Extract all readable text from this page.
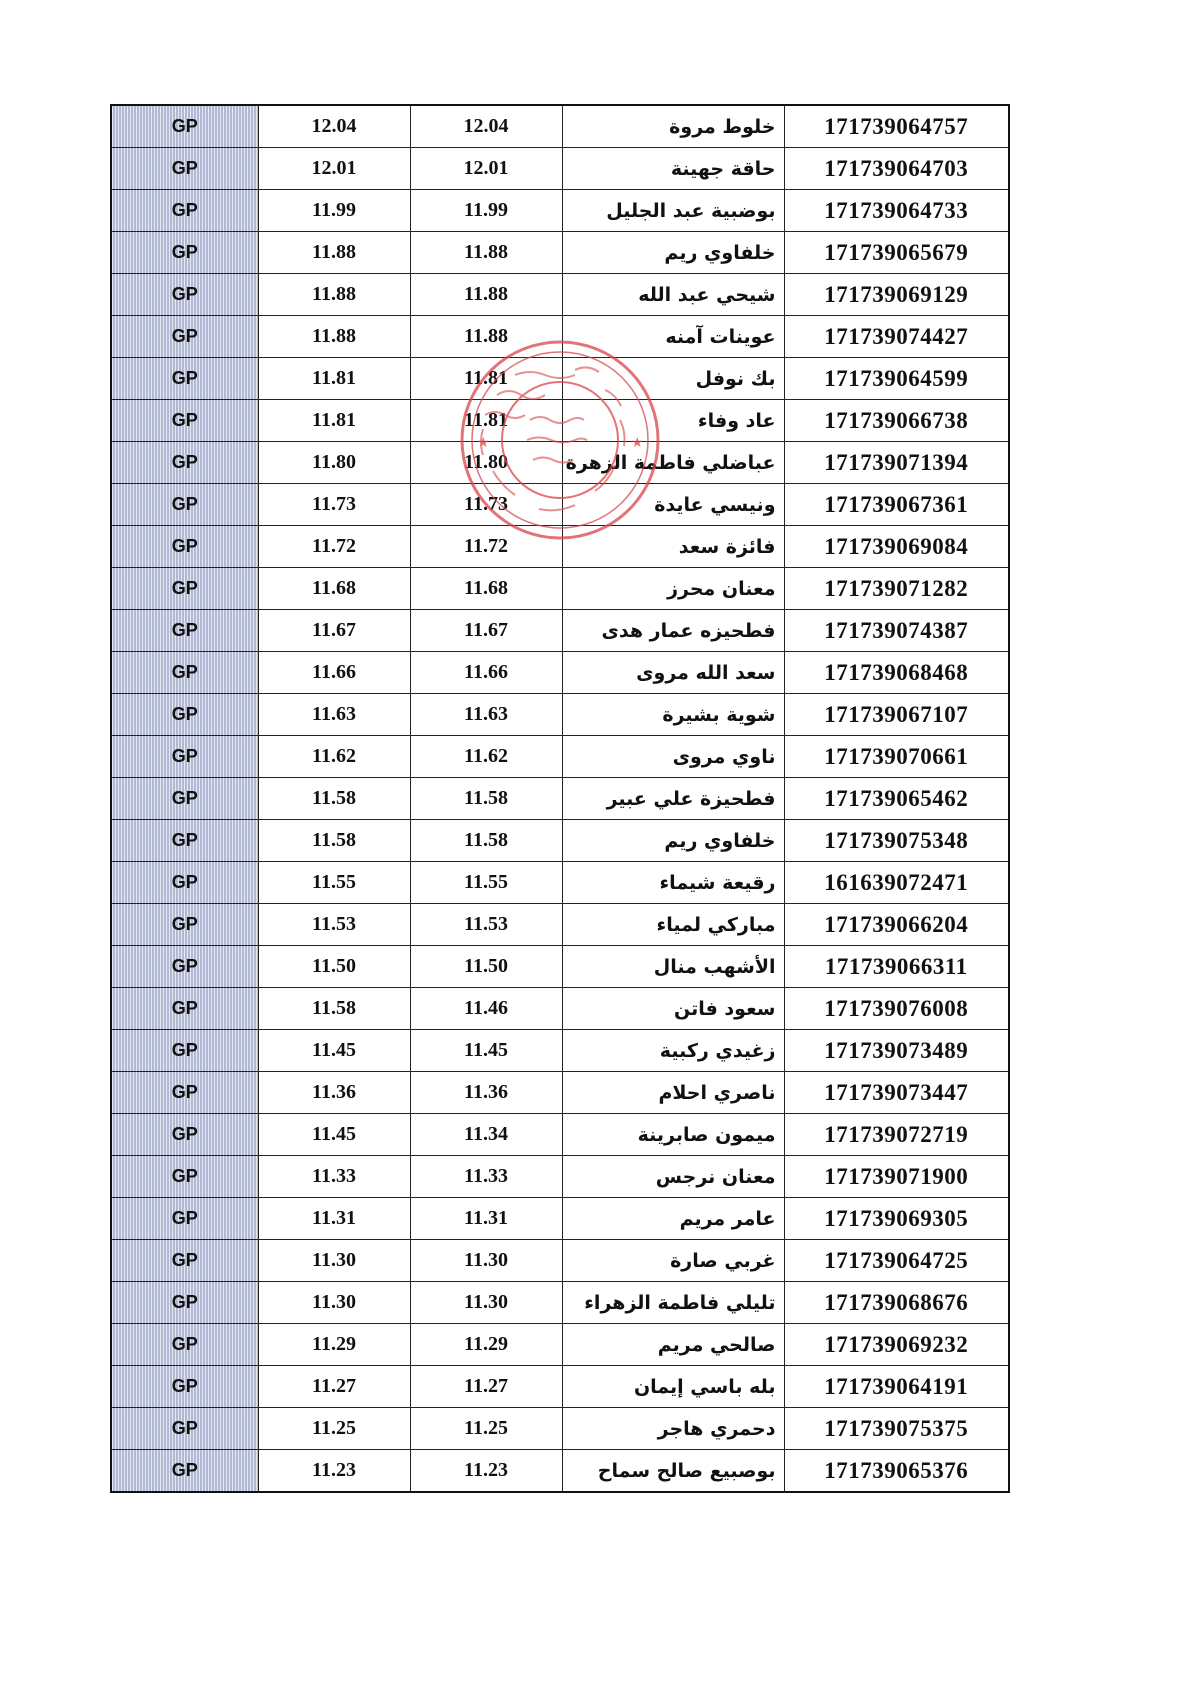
GP	12.04	12.04	خلوط مروة	171739064757
GP	12.01	12.01	حاقة جهينة	171739064703
GP	11.99	11.99	بوضبية عبد الجليل	171739064733
GP	11.88	11.88	خلفاوي ريم	171739065679
GP	11.88	11.88	شيحي عبد الله	171739069129
GP	11.88	11.88	عوينات آمنه	171739074427
GP	11.81	11.81	بك نوفل	171739064599
GP	11.81	11.81	عاد وفاء	171739066738
GP	11.80	11.80	عباضلي فاطمة الزهرة	171739071394
GP	11.73	11.73	ونيسي عايدة	171739067361
GP	11.72	11.72	فائزة سعد	171739069084
GP	11.68	11.68	معنان محرز	171739071282
GP	11.67	11.67	فطحيزه عمار هدى	171739074387
GP	11.66	11.66	سعد الله مروى	171739068468
GP	11.63	11.63	شوية بشيرة	171739067107
GP	11.62	11.62	ناوي مروى	171739070661
GP	11.58	11.58	فطحيزة علي عبير	171739065462
GP	11.58	11.58	خلفاوي ريم	171739075348
GP	11.55	11.55	رقيعة شيماء	161639072471
GP	11.53	11.53	مباركي لمياء	171739066204
GP	11.50	11.50	الأشهب منال	171739066311
GP	11.58	11.46	سعود فاتن	171739076008
GP	11.45	11.45	زغيدي ركبية	171739073489
GP	11.36	11.36	ناصري احلام	171739073447
GP	11.45	11.34	ميمون صابرينة	171739072719
GP	11.33	11.33	معنان نرجس	171739071900
GP	11.31	11.31	عامر مريم	171739069305
GP	11.30	11.30	غربي صارة	171739064725
GP	11.30	11.30	تليلي فاطمة الزهراء	171739068676
GP	11.29	11.29	صالحي مريم	171739069232
GP	11.27	11.27	بله باسي إيمان	171739064191
GP	11.25	11.25	دحمري هاجر	171739075375
GP	11.23	11.23	بوصبيع صالح سماح	171739065376
★	★
